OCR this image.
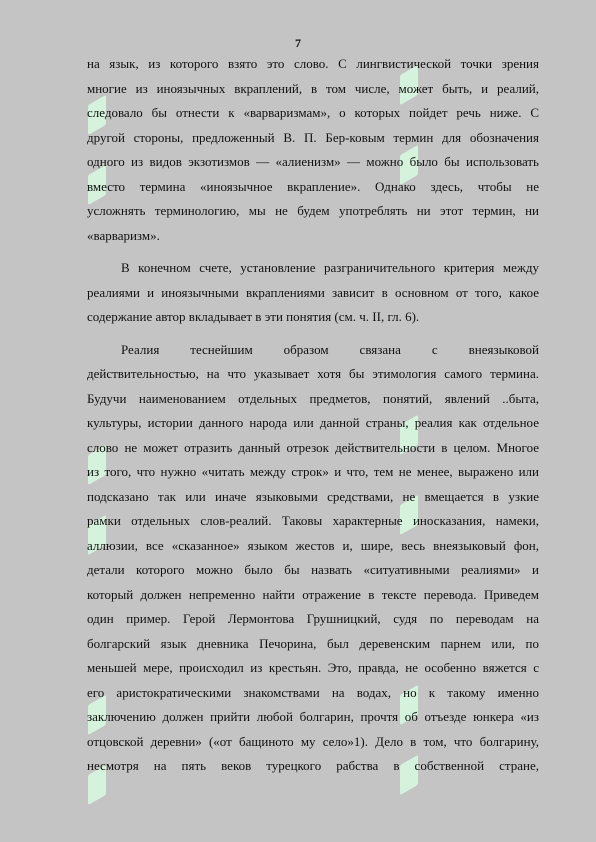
7
на язык, из которого взято это слово. С лингвистической точки зрения
многие из иноязычных вкраплений, в том числе, может быть, и реалий,
следовало бы отнести к «варваризмам», о которых пойдет речь ниже. С
другой стороны, предложенный В. П. Бер-ковым термин для обозначения
одного из видов экзотизмов — «алиенизм» — можно было бы использовать
вместо термина «иноязычное вкрапление». Однако здесь, чтобы не
усложнять терминологию, мы не будем употреблять ни этот термин, ни
«варваризм».
В конечном счете, установление разграничительного критерия между
реалиями и иноязычными вкраплениями зависит в основном от того, какое
содержание автор вкладывает в эти понятия (см. ч. II, гл. 6).
Реалия теснейшим образом связана с внеязыковой
действительностью, на что указывает хотя бы этимология самого термина.
Будучи наименованием отдельных предметов, понятий, явлений ..быта,
культуры, истории данного народа или данной страны, реалия как отдельное
слово не может отразить данный отрезок действительности в целом. Многое
из того, что нужно «читать между строк» и что, тем не менее, выражено или
подсказано так или иначе языковыми средствами, не вмещается в узкие
рамки отдельных слов-реалий. Таковы характерные иносказания, намеки,
аллюзии, все «сказанное» языком жестов и, шире, весь внеязыковый фон,
детали которого можно было бы назвать «ситуативными реалиями» и
который должен непременно найти отражение в тексте перевода. Приведем
один пример. Герой Лермонтова Грушницкий, судя по переводам на
болгарский язык дневника Печорина, был деревенским парнем или, по
меньшей мере, происходил из крестьян. Это, правда, не особенно вяжется с
его аристократическими знакомствами на водах, но к такому именно
заключению должен прийти любой болгарин, прочтя об отъезде юнкера «из
отцовской деревни» («от бащиното му село»1). Дело в том, что болгарину,
несмотря на пять веков турецкого рабства в собственной стране,
